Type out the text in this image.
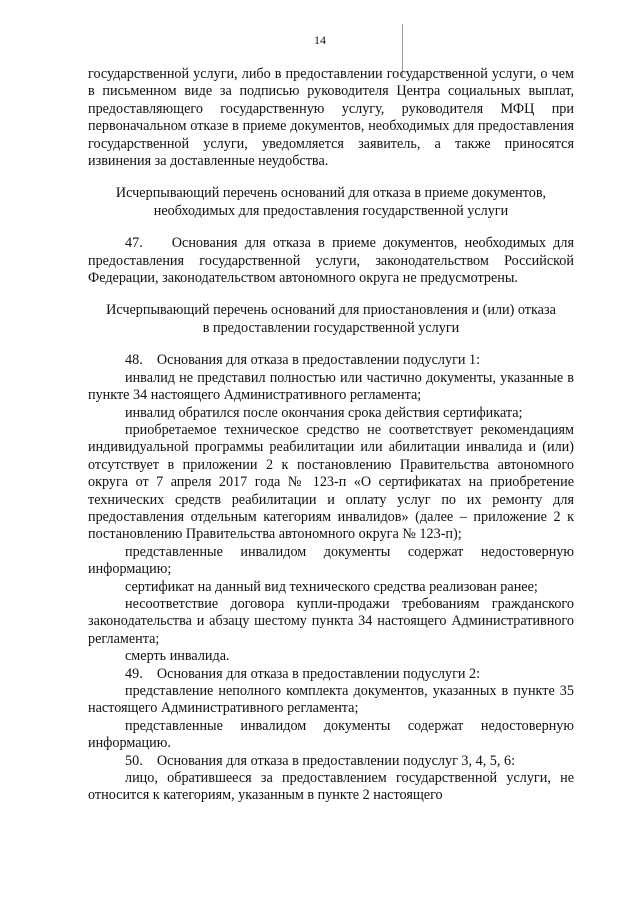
14

государственной услуги, либо в предоставлении государственной услуги, о чем в письменном виде за подписью руководителя Центра социальных выплат, предоставляющего государственную услугу, руководителя МФЦ при первоначальном отказе в приеме документов, необходимых для предоставления государственной услуги, уведомляется заявитель, а также приносятся извинения за доставленные неудобства.

Исчерпывающий перечень оснований для отказа в приеме документов,
необходимых для предоставления государственной услуги

47.    Основания для отказа в приеме документов, необходимых для предоставления государственной услуги, законодательством Российской Федерации, законодательством автономного округа не предусмотрены.

Исчерпывающий перечень оснований для приостановления и (или) отказа
в предоставлении государственной услуги

48.    Основания для отказа в предоставлении подуслуги 1:

инвалид не представил полностью или частично документы, указанные в пункте 34 настоящего Административного регламента;

инвалид обратился после окончания срока действия сертификата;

приобретаемое техническое средство не соответствует рекомендациям индивидуальной программы реабилитации или абилитации инвалида и (или) отсутствует в приложении 2 к постановлению Правительства автономного округа от 7 апреля 2017 года № 123-п «О сертификатах на приобретение технических средств реабилитации и оплату услуг по их ремонту для предоставления отдельным категориям инвалидов» (далее – приложение 2 к постановлению Правительства автономного округа № 123-п);

представленные инвалидом документы содержат недостоверную информацию;

сертификат на данный вид технического средства реализован ранее;

несоответствие договора купли-продажи требованиям гражданского законодательства и абзацу шестому пункта 34 настоящего Административного регламента;

смерть инвалида.

49.    Основания для отказа в предоставлении подуслуги 2:

представление неполного комплекта документов, указанных в пункте 35 настоящего Административного регламента;

представленные инвалидом документы содержат недостоверную информацию.

50.    Основания для отказа в предоставлении подуслуг 3, 4, 5, 6:

лицо, обратившееся за предоставлением государственной услуги, не относится к категориям, указанным в пункте 2 настоящего
